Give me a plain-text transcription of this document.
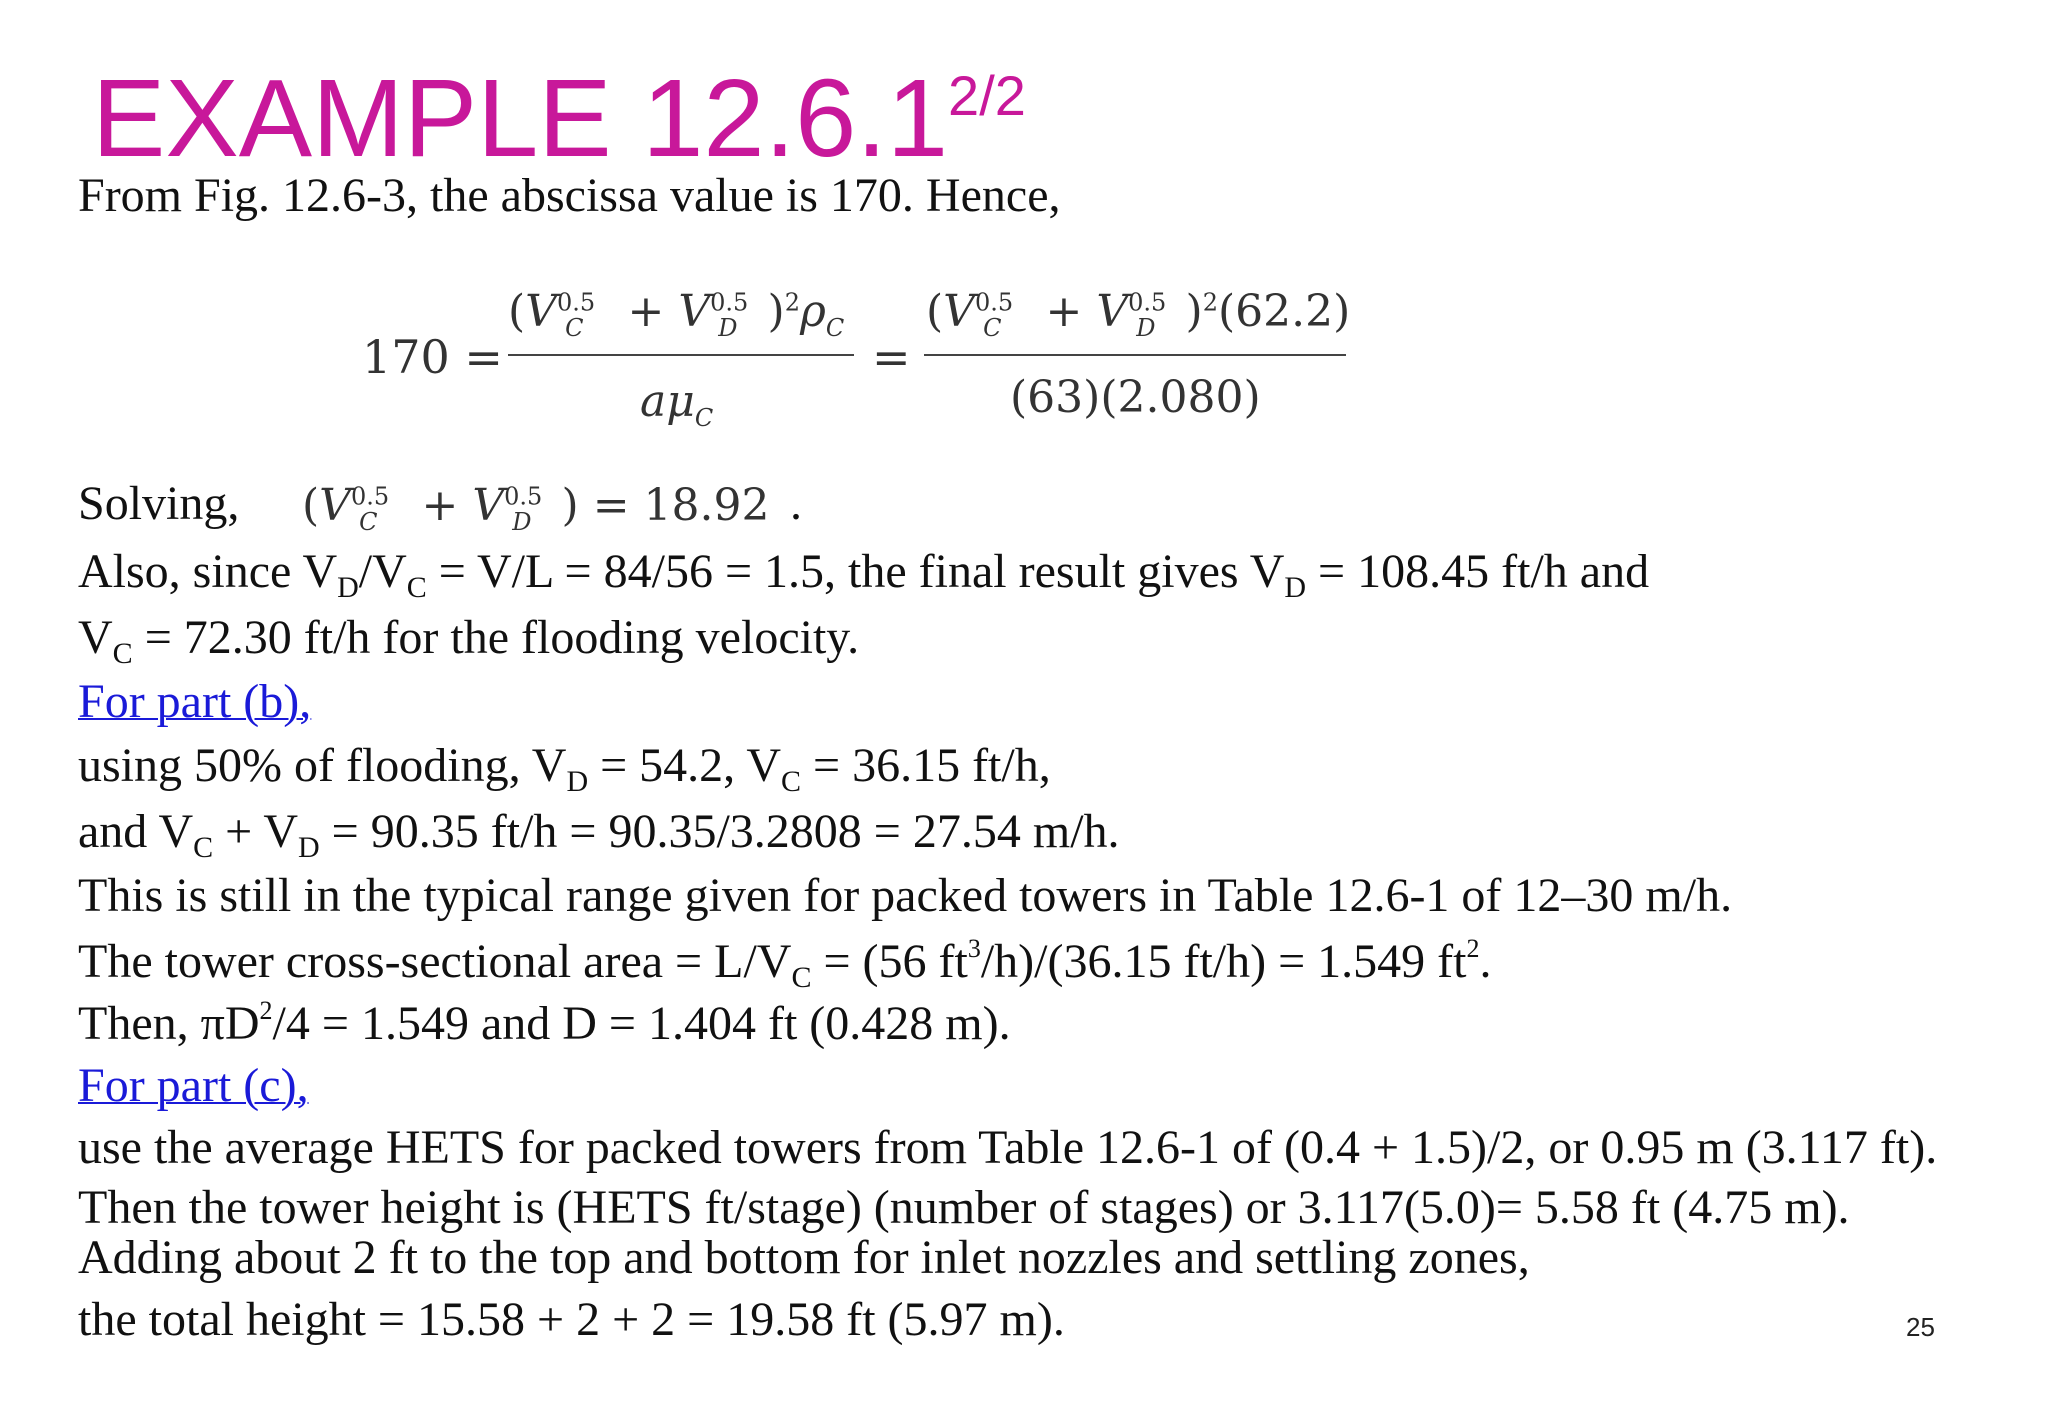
EXAMPLE $12.6.1^{2/2}$
From Fig. 12.6-3, the abscissa value is 170. Hence,
170 =
($V^{0.5}_C + V^{0.5}_D$ )$^2\rho_C$
$a\mu_C$
=
($V^{0.5}_C + V^{0.5}_D$ )$^2$(62.2)
(63)(2.080)
Solving, ($V^{0.5}_C + V^{0.5}_D$ ) = 18.92 .
Also, since $V_D/V_C = V/L = 84/56 = 1.5$, the final result gives $V_D = 108.45$ ft/h and
$V_C = 72.30$ ft/h for the flooding velocity.
For part (b),
using 50% of flooding, $V_D = 54.2$, $V_C = 36.15$ ft/h,
and $V_C + V_D = 90.35$ ft/h = 90.35/3.2808 = 27.54 m/h.
This is still in the typical range given for packed towers in Table 12.6-1 of 12–30 m/h.
The tower cross-sectional area = $L/V_C = (56$ $ft^3/h)/(36.15$ ft/h) = 1.549 $ft^2$.
Then, $\pi D^2/4 = 1.549$ and D = 1.404 ft (0.428 m).
For part (c),
use the average HETS for packed towers from Table 12.6-1 of (0.4 + 1.5)/2, or 0.95 m (3.117 ft).
Then the tower height is (HETS ft/stage) (number of stages) or 3.117(5.0)= 5.58 ft (4.75 m).
Adding about 2 ft to the top and bottom for inlet nozzles and settling zones,
the total height = 15.58 + 2 + 2 = 19.58 ft (5.97 m).	25
